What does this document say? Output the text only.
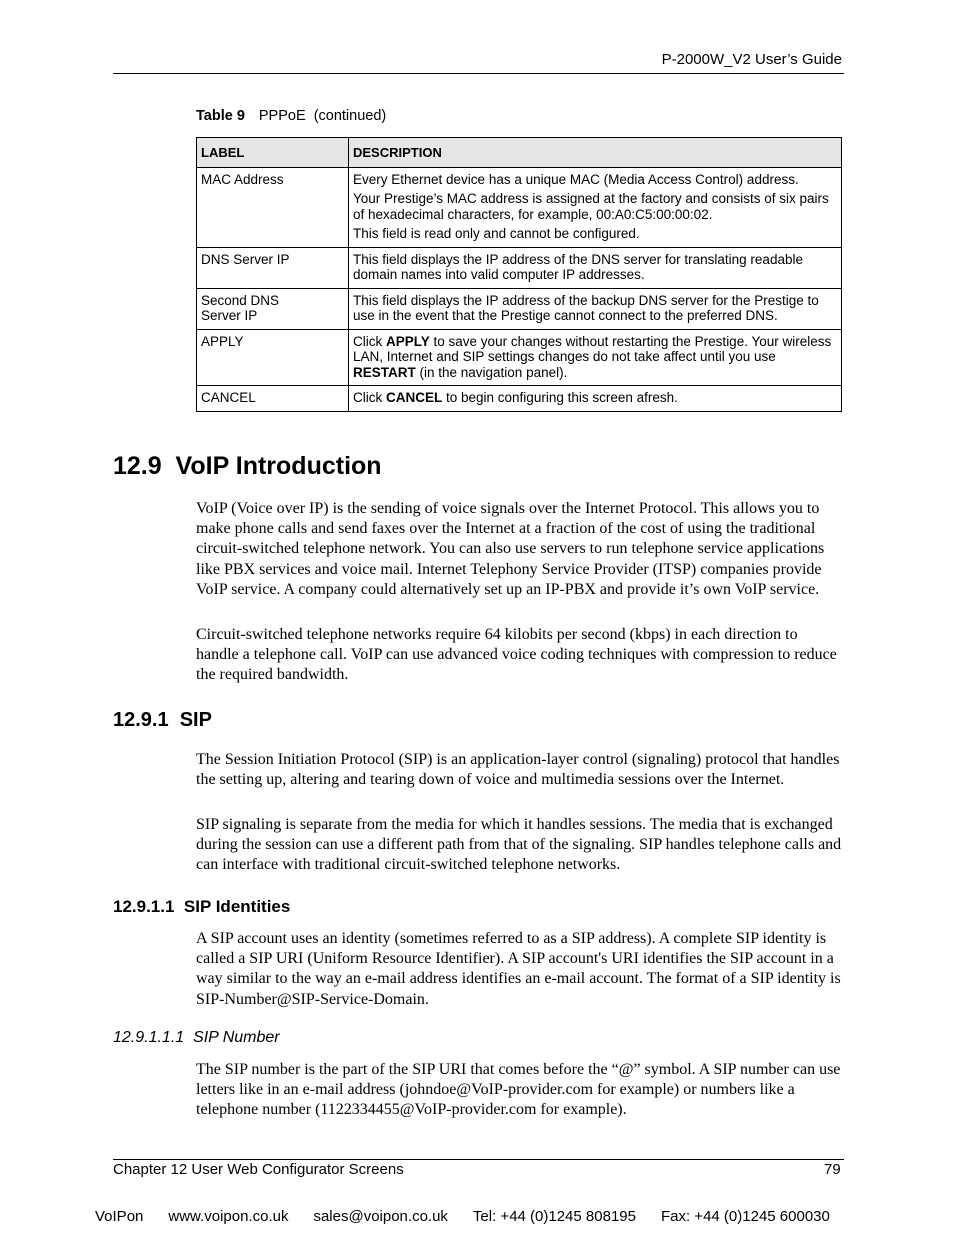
P-2000W_V2 User’s Guide
Table 9 PPPoE  (continued)
LABEL	DESCRIPTION
MAC Address	Every Ethernet device has a unique MAC (Media Access Control) address.

Your Prestige’s MAC address is assigned at the factory and consists of six pairs of hexadecimal characters, for example, 00:A0:C5:00:00:02.

This field is read only and cannot be configured.

DNS Server IP	This field displays the IP address of the DNS server for translating readable domain names into valid computer IP addresses.

Second DNS Server IP	This field displays the IP address of the backup DNS server for the Prestige to use in the event that the Prestige cannot connect to the preferred DNS.

APPLY	Click APPLY to save your changes without restarting the Prestige. Your wireless LAN, Internet and SIP settings changes do not take affect until you use RESTART (in the navigation panel).
CANCEL	Click CANCEL to begin configuring this screen afresh.
12.9  VoIP Introduction

VoIP (Voice over IP) is the sending of voice signals over the Internet Protocol. This allows you to make phone calls and send faxes over the Internet at a fraction of the cost of using the traditional circuit-switched telephone network. You can also use servers to run telephone service applications like PBX services and voice mail. Internet Telephony Service Provider (ITSP) companies provide VoIP service. A company could alternatively set up an IP-PBX and provide it’s own VoIP service.

Circuit-switched telephone networks require 64 kilobits per second (kbps) in each direction to handle a telephone call. VoIP can use advanced voice coding techniques with compression to reduce the required bandwidth.

12.9.1  SIP

The Session Initiation Protocol (SIP) is an application-layer control (signaling) protocol that handles the setting up, altering and tearing down of voice and multimedia sessions over the Internet.

SIP signaling is separate from the media for which it handles sessions. The media that is exchanged during the session can use a different path from that of the signaling. SIP handles telephone calls and can interface with traditional circuit-switched telephone networks.

12.9.1.1  SIP Identities

A SIP account uses an identity (sometimes referred to as a SIP address). A complete SIP identity is called a SIP URI (Uniform Resource Identifier). A SIP account's URI identifies the SIP account in a way similar to the way an e-mail address identifies an e-mail account. The format of a SIP identity is SIP-Number@SIP-Service-Domain.

12.9.1.1.1  SIP Number

The SIP number is the part of the SIP URI that comes before the “@” symbol. A SIP number can use letters like in an e-mail address (johndoe@VoIP-provider.com for example) or numbers like a telephone number (1122334455@VoIP-provider.com for example).

Chapter 12 User Web Configurator Screens	79
VoIPon www.voipon.co.uk sales@voipon.co.uk Tel: +44 (0)1245 808195 Fax: +44 (0)1245 600030
